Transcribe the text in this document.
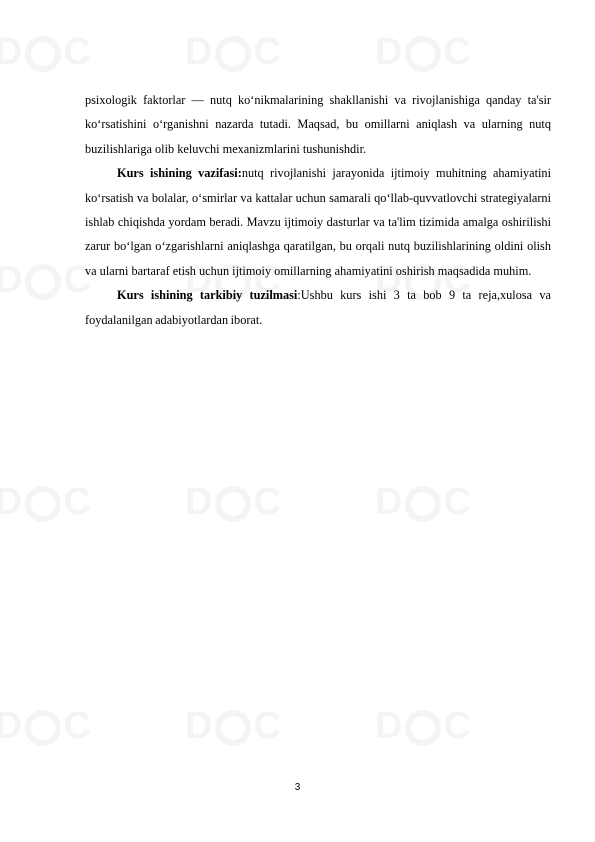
psixologik faktorlar — nutq ko‘nikmalarining shakllanishi va rivojlanishiga qanday ta'sir ko‘rsatishini o‘rganishni nazarda tutadi. Maqsad, bu omillarni aniqlash va ularning nutq buzilishlariga olib keluvchi mexanizmlarini tushunishdir.

Kurs ishining vazifasi:nutq rivojlanishi jarayonida ijtimoiy muhitning ahamiyatini ko‘rsatish va bolalar, o‘smirlar va kattalar uchun samarali qo‘llab-quvvatlovchi strategiyalarni ishlab chiqishda yordam beradi. Mavzu ijtimoiy dasturlar va ta'lim tizimida amalga oshirilishi zarur bo‘lgan o‘zgarishlarni aniqlashga qaratilgan, bu orqali nutq buzilishlarining oldini olish va ularni bartaraf etish uchun ijtimoiy omillarning ahamiyatini oshirish maqsadida muhim.

Kurs ishining tarkibiy tuzilmasi:Ushbu kurs ishi 3 ta bob 9 ta reja,xulosa va foydalanilgan adabiyotlardan iborat.

3
